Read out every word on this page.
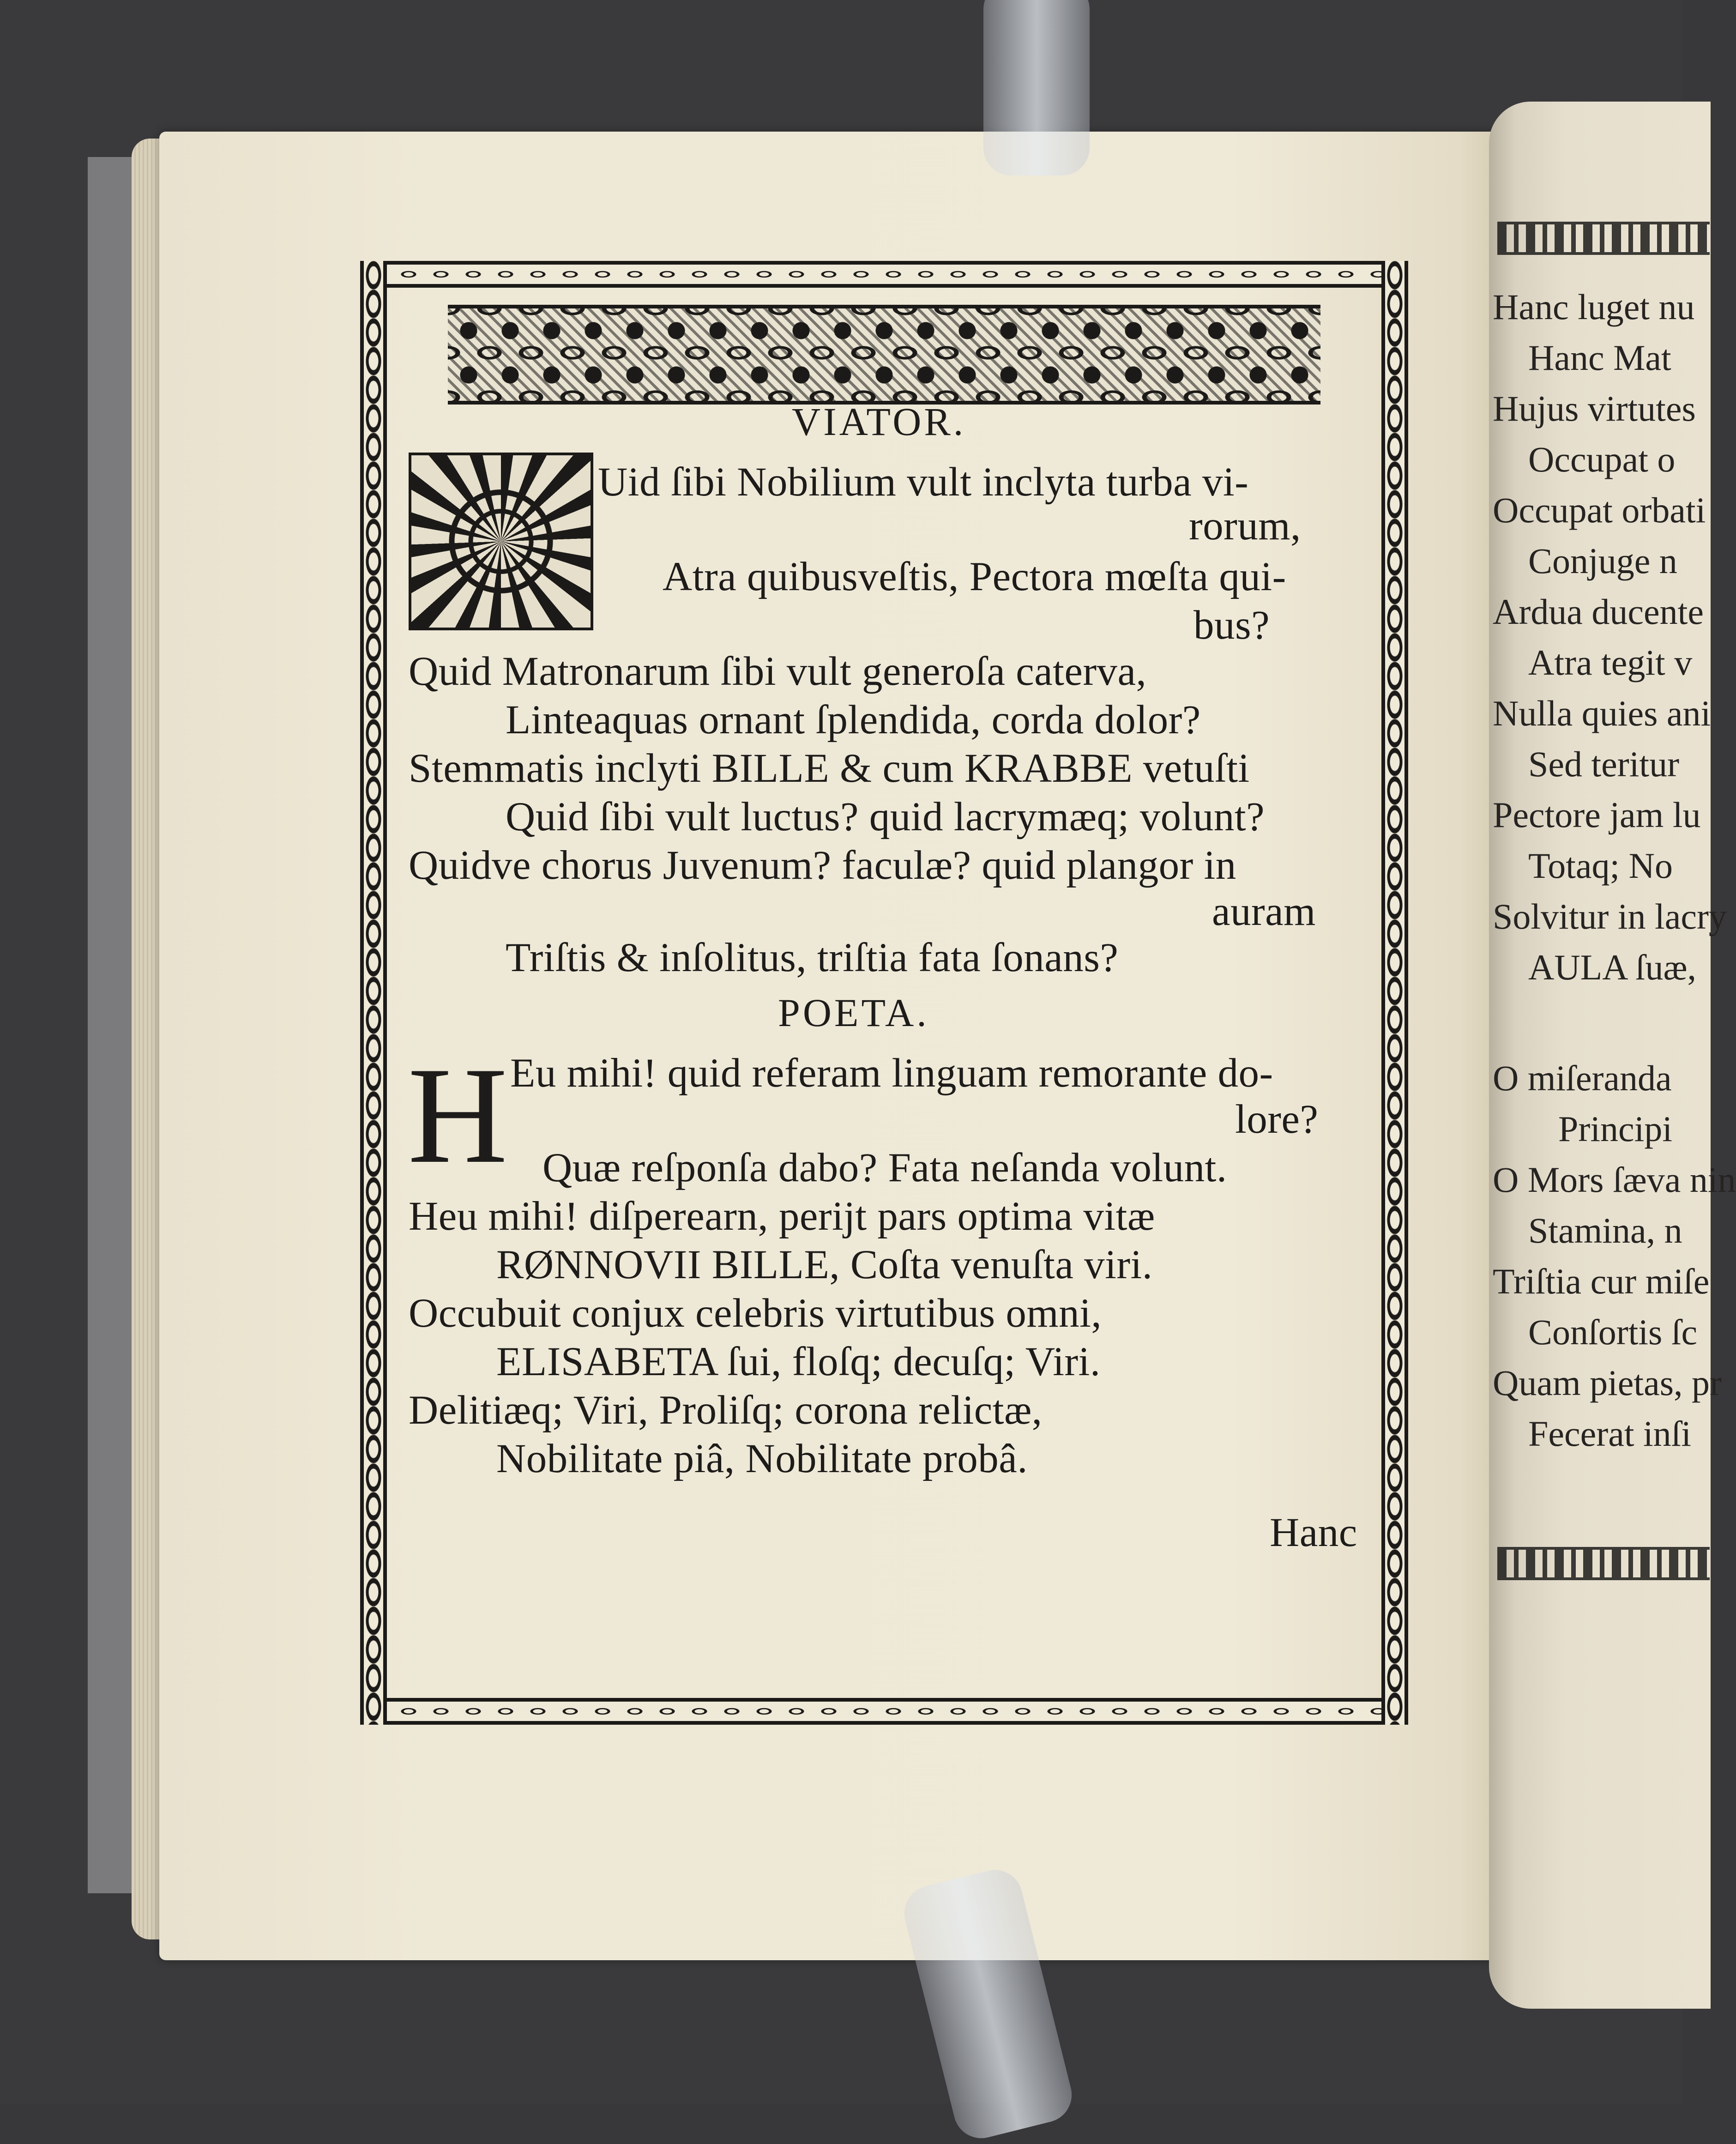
Hanc luget nu
Hanc Mat
Hujus virtutes
Occupat o
Occupat orbati
Conjuge n
Ardua ducente
Atra tegit v
Nulla quies ani
Sed teritur
Pectore jam lu
Totaq; No
Solvitur in lacry
AULA ſuæ,
O miſeranda
Principi
O Mors ſæva nin
Stamina, n
Triſtia cur miſe
Conſortis ſc
Quam pietas, pr
Fecerat inſi
VIATOR.
Uid ſibi Nobilium vult inclyta turba vi-
rorum,
Atra quibusveſtis, Pectora mœſta qui-
bus?
Quid Matronarum ſibi vult generoſa caterva,
Linteaquas ornant ſplendida, corda dolor?
Stemmatis inclyti BILLE & cum KRABBE vetuſti
Quid ſibi vult luctus? quid lacrymæq; volunt?
Quidve chorus Juvenum? faculæ? quid plangor in
auram
Triſtis & inſolitus, triſtia fata ſonans?
POETA.
H Eu mihi! quid referam linguam remorante do-
lore?
Quæ reſponſa dabo? Fata neſanda volunt.
Heu mihi! diſperearn, perijt pars optima vitæ
RØNNOVII BILLE, Coſta venuſta viri.
Occubuit conjux celebris virtutibus omni,
ELISABETA ſui, floſq; decuſq; Viri.
Delitiæq; Viri, Proliſq; corona relictæ,
Nobilitate piâ, Nobilitate probâ.
Hanc
